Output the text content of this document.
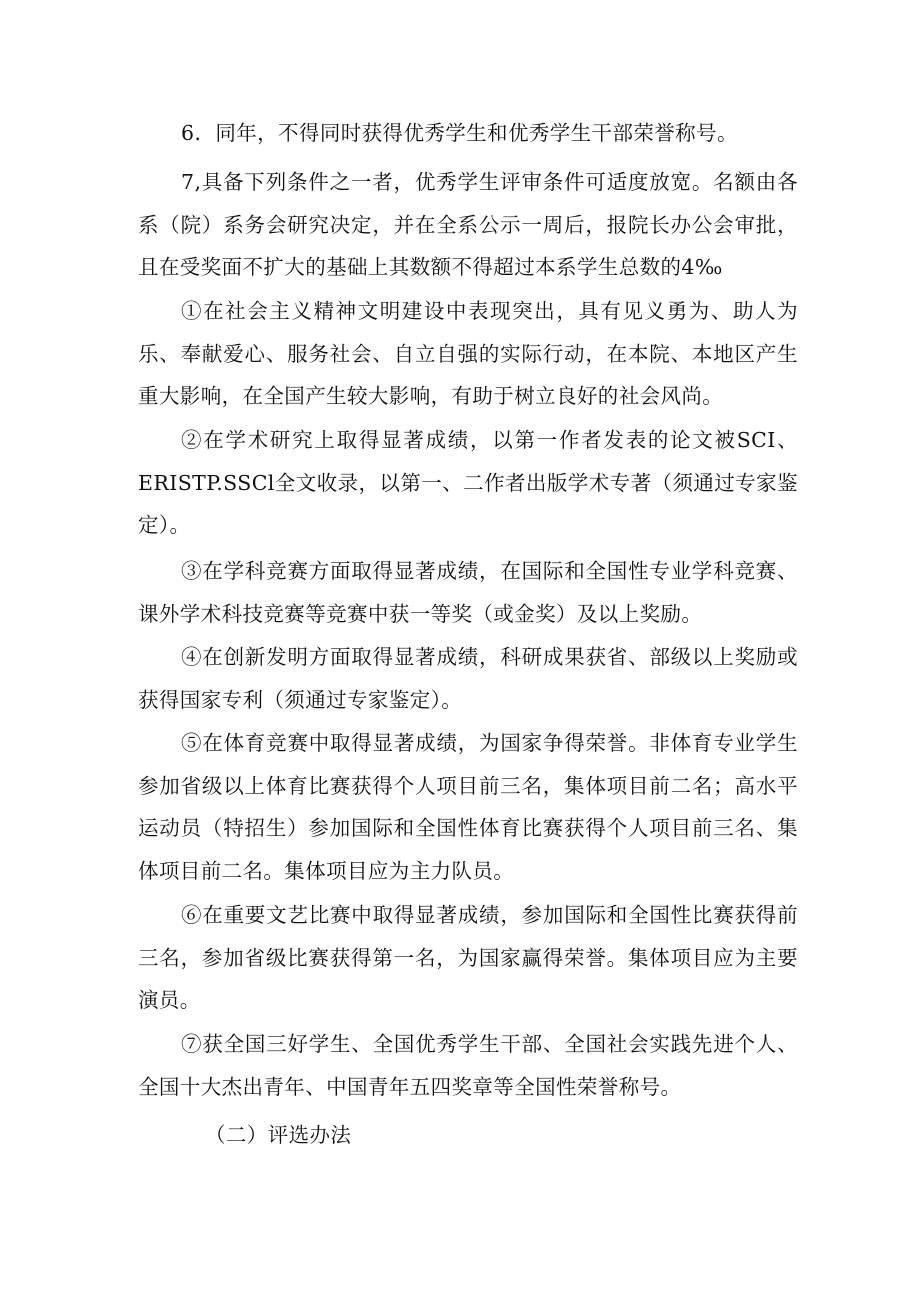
6．同年，不得同时获得优秀学生和优秀学生干部荣誉称号。

7,具备下列条件之一者，优秀学生评审条件可适度放宽。名额由各系（院）系务会研究决定，并在全系公示一周后，报院长办公会审批，且在受奖面不扩大的基础上其数额不得超过本系学生总数的4‰

①在社会主义精神文明建设中表现突出，具有见义勇为、助人为乐、奉献爱心、服务社会、自立自强的实际行动，在本院、本地区产生重大影响，在全国产生较大影响，有助于树立良好的社会风尚。

②在学术研究上取得显著成绩，以第一作者发表的论文被SCI、ERISTP.SSCl全文收录，以第一、二作者出版学术专著（须通过专家鉴定）。

③在学科竞赛方面取得显著成绩，在国际和全国性专业学科竞赛、课外学术科技竞赛等竞赛中获一等奖（或金奖）及以上奖励。

④在创新发明方面取得显著成绩，科研成果获省、部级以上奖励或获得国家专利（须通过专家鉴定）。

⑤在体育竞赛中取得显著成绩，为国家争得荣誉。非体育专业学生参加省级以上体育比赛获得个人项目前三名，集体项目前二名；高水平运动员（特招生）参加国际和全国性体育比赛获得个人项目前三名、集体项目前二名。集体项目应为主力队员。

⑥在重要文艺比赛中取得显著成绩，参加国际和全国性比赛获得前三名，参加省级比赛获得第一名，为国家赢得荣誉。集体项目应为主要演员。

⑦获全国三好学生、全国优秀学生干部、全国社会实践先进个人、全国十大杰出青年、中国青年五四奖章等全国性荣誉称号。

（二）评选办法
